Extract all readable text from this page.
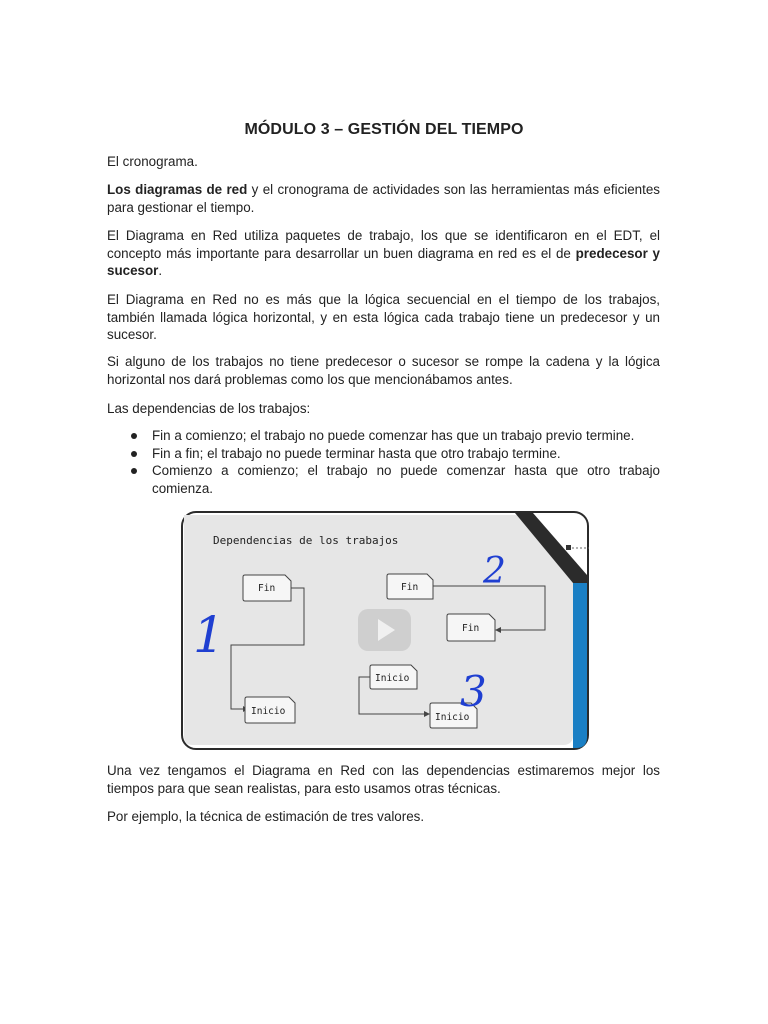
MÓDULO 3 – GESTIÓN DEL TIEMPO

El cronograma.

Los diagramas de red y el cronograma de actividades son las herramientas más eficientes para gestionar el tiempo.

El Diagrama en Red utiliza paquetes de trabajo, los que se identificaron en el EDT, el concepto más importante para desarrollar un buen diagrama en red es el de predecesor y sucesor.

El Diagrama en Red no es más que la lógica secuencial en el tiempo de los trabajos, también llamada lógica horizontal, y en esta lógica cada trabajo tiene un predecesor y un sucesor.

Si alguno de los trabajos no tiene predecesor o sucesor se rompe la cadena y la lógica horizontal nos dará problemas como los que mencionábamos antes.

Las dependencias de los trabajos:

Fin a comienzo; el trabajo no puede comenzar has que un trabajo previo termine.
Fin a fin; el trabajo no puede terminar hasta que otro trabajo termine.
Comienzo a comienzo; el trabajo no puede comenzar hasta que otro trabajo comienza.
Dependencias de los trabajos
Fin
Inicio
Fin
Fin
Inicio
Inicio
1
2
3

Una vez tengamos el Diagrama en Red con las dependencias estimaremos mejor los tiempos para que sean realistas, para esto usamos otras técnicas.

Por ejemplo, la técnica de estimación de tres valores.
